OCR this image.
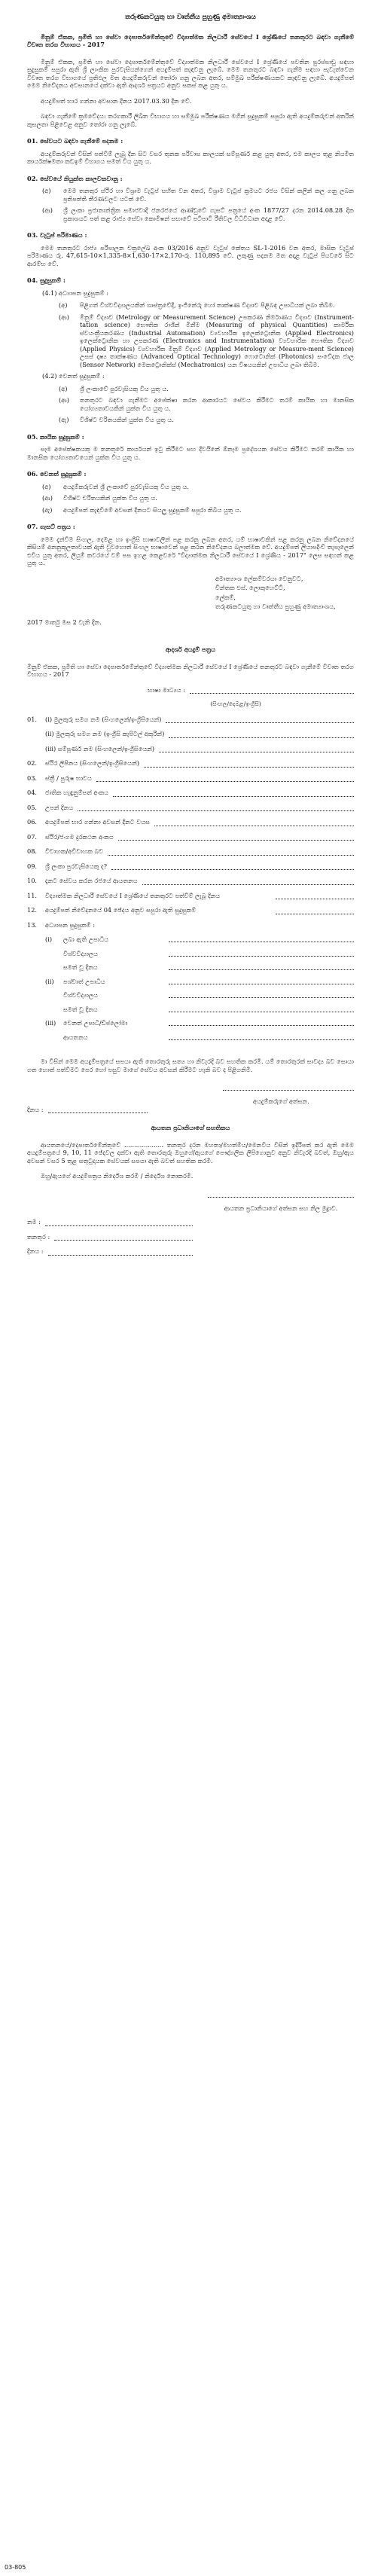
තරුණකටයුතු හා වෘත්තීය පුහුණු අමාත්‍යාංශය
මිනුම් ඒකක, ප්‍රමිති හා සේවා දෙපාර්තමේන්තුවේ විද්‍යාත්මක නිලධාරී සේවයේ I ශ්‍රේණියේ තනතුරට බඳවා ගැනීමේ විවෘත තරග විභාගය - 2017
මිනුම් ඒකක, ප්‍රමිති හා සේවා දෙපාර්තමේන්තුවේ විද්‍යාත්මක නිලධාරී සේවයේ I ශ්‍රේණියේ පවතින පුරප්පාඩු සඳහා සුදුසුකම් සපුරා ඇති ශ්‍රී ලාංකික පුරවැසියන්ගෙන් අයදුම්පත් කැඳවනු ලැබේ. මෙම තනතුරට බඳවා ගැනීම සඳහා පැවැත්වෙන විවෘත තරග විභාගයේ ප්‍රතිඵල මත අයදුම්කරුවන් තෝරා ගනු ලබන අතර, සම්මුඛ පරීක්ෂණයකට කැඳවනු ලැබේ. අයදුම්පත් මෙම නිවේදනය අවසානයේ දක්වා ඇති ආදර්ශ පත්‍රයට අනුව සකස් කළ යුතු ය.
අයදුම්පත් භාර ගන්නා අවසාන දිනය 2017.03.30 දින වේ.
බඳවා ගැනීමේ ක්‍රමවේදය: තරගකාරී ලිඛිත විභාගය හා සම්මුඛ පරීක්ෂණය මගින් සුදුසුකම් සපුරා ඇති අයදුම්කරුවන් අතරින් කුසලතා පිළිවෙළ අනුව තෝරා ගනු ලැබේ.
01. සේවයට බඳවා ගැනීමේ පදනම :
අයදුම්කරුවන් විසින් පත්වීම් ලැබූ දින සිට වසර තුනක පරිවාස කාලයක් සම්පූර්ණ කළ යුතු අතර, එම කාලය තුළ නියමිත කාර්යක්ෂමතා කඩඉම් විභාගය සමත් විය යුතු ය.
02. සේවයේ නියුක්ත කාලවකවානු :
(අ)	මෙම තනතුර ස්ථිර හා විශ්‍රාම වැටුප් සහිත වන අතර, විශ්‍රාම වැටුප් ක්‍රමයට රජය විසින් කලින් කල ගනු ලබන ප්‍රතිපත්ති තීරණවලට යටත් වේ.
(ආ)	ශ්‍රී ලංකා ප්‍රජාතාන්ත්‍රික සමාජවාදී ජනරජයේ ආණ්ඩුවේ ගැසට් පත්‍රයේ අංක 1877/27 දරන 2014.08.28 දින ප්‍රකාශයට පත් කළ රාජ්‍ය සේවා කොමිෂන් සභාවේ පටිපාටි රීතිවල විධිවිධාන අදාළ වේ.
03. වැටුප් පරිමාණය :
මෙම තනතුරට රාජ්‍ය පරිපාලන චක්‍රලේඛ අංක 03/2016 අනුව වැටුප් කේතය SL-1-2016 වන අතර, මාසික වැටුප් පරිමාණය රු. 47,615-10×1,335-8×1,630-17×2,170-රු. 110,895 වේ. ලකුණු පදනම මත අදාළ වැටුප් පියවරේ සිට ආරම්භ වේ.
04. සුදුසුකම් :
(4.1) අධ්‍යාපන සුදුසුකම් :
(අ)	පිළිගත් විශ්වවිද්‍යාලයකින් ශාස්ත්‍රවේදී, ඉංජිනේරු හෝ තාක්ෂණ විද්‍යාව පිළිබඳ උපාධියක් ලබා තිබීම.
(ආ)	මිනුම් විද්‍යාව (Metrology or Measurement Science) උපකරණ නිර්මාණය විද්‍යාව (Instrument-tation science) භෞතික රාශීන් මිනීම (Measuring of physical Quantities) කාර්මික ස්වයංක්‍රීයකරණය (Industrial Automation) ව්‍යවහාරික ඉලෙක්ට්‍රොනික (Applied Electronics) ඉලෙක්ට්‍රොනික හා උපකරණ (Electronics and Instrumentation) ව්‍යවහාරික භෞතික විද්‍යාව (Applied Physics) ව්‍යවහාරික මිනුම් විද්‍යාව (Applied Metrology or Measure-ment Science) උසස් දෘෂ්‍ය තාක්ෂණය (Advanced Optical Technology) ෆොටොනික් (Photonics) සංවේදක ජාල (Sensor Network) මෙකට්‍රොනික්ස් (Mechatronics) යන විෂයයකින් උපාධිය ලබා තිබීම.
(4.2) වෙනත් සුදුසුකම් :
(අ)	ශ්‍රී ලංකාවේ පුරවැසියකු විය යුතු ය.
(ආ)	තනතුරට බඳවා ගැනීමට අපේක්ෂා කරන ආකාරයට සේවය කිරීමට තරම් කායික හා මානසික යෝග්‍යතාවයකින් යුක්ත විය යුතු ය.
(ඇ)	විශිෂ්ට චරිතයකින් යුක්ත විය යුතු ය.
05. කායික සුදුසුකම් :
සෑම අපේක්ෂකයකු ම තනතුරේ කාර්යයන් ඉටු කිරීමට සහ දිවයිනේ ඕනෑම ප්‍රදේශයක සේවය කිරීමට තරම් කායික හා මානසික යෝග්‍යතාවයෙන් යුක්ත විය යුතු ය.
06. වෙනත් සුදුසුකම් :
(අ)	අයදුම්කරුවන් ශ්‍රී ලංකාවේ පුරවැසියකු විය යුතු ය.
(ආ)	විශිෂ්ට චරිතයකින් යුක්ත විය යුතු ය.
(ඇ)	අයදුම්පත් කැඳවීමේ අවසන් දිනයට සියලු සුදුසුකම් සපුරා තිබිය යුතු ය.
07. ගැසට් පත්‍රය :
මෙම දැන්වීම සිංහල, දෙමළ හා ඉංග්‍රීසි භාෂාවලින් පළ කරනු ලබන අතර, යම් භාෂාවකින් පළ කරනු ලබන නිවේදනයේ කිසියම් අනනුකූලතාවයක් ඇති වුවහොත් සිංහල භාෂාවෙන් පළ කරන නිවේදනය බලාත්මක වේ. අයදුම්පත් ලියාපදිංචි තැපෑලෙන් එවිය යුතු අතර, ලියුම් කවරයේ වම් පස ඉහළ කෙළවරේ "විද්‍යාත්මක නිලධාරී සේවයේ I ශ්‍රේණිය - 2017" ලෙස සඳහන් කළ යුතු ය.
අමාත්‍යාංශ ලේකම්වරයා වෙනුවට,
චින්තක එස්. ලොකුහෙට්ටි,
ලේකම්,
තරුණකටයුතු හා වෘත්තීය පුහුණු අමාත්‍යාංශය,
2017 මාර්තු මස 2 වැනි දින.
ආදර්ශ අයදුම් පත්‍රය
මිනුම් ඒකක, ප්‍රමිති හා සේවා දෙපාර්තමේන්තුවේ විද්‍යාත්මක නිලධාරී සේවයේ I ශ්‍රේණියේ තනතුරට බඳවා ගැනීමේ විවෘත තරග විභාගය - 2017
භාෂා මාධ්‍යය :
(සිංහල/දෙමළ/ඉංග්‍රීසි)
01.	(i) මුලකුරු සමග නම (සිංහලෙන්/ඉංග්‍රීසියෙන්)
(ii) මුලකුරු සමග නම (ඉංග්‍රීසි කැපිටල් අකුරින්)
(iii) සම්පූර්ණ නම (සිංහලෙන්/ඉංග්‍රීසියෙන්)
02.	ස්ථිර ලිපිනය (සිංහලෙන්/ඉංග්‍රීසියෙන්)
03.	ස්ත්‍රී / පුරුෂ භාවය
04.	ජාතික හැඳුනුම්පත් අංකය
05.	උපන් දිනය
06.	අයදුම්පත් භාර ගන්නා අවසන් දිනට වයස
07.	ස්ථිර/ජංගම දුරකථන අංකය
08.	විවාහක/අවිවාහක බව
09.	ශ්‍රී ලංකා පුරවැසියෙකු ද?
10.	දැනට සේවය කරන රජයේ ආයතනය
11.	විද්‍යාත්මක නිලධාරී සේවයේ I ශ්‍රේණියේ තනතුරට පත්වීම් ලැබූ දිනය
12.	අයදුම්පත් නිවේදනයේ 04 ඡේදය අනුව සපුරා ඇති සුදුසුකම්
13.	අධ්‍යාපන සුදුසුකම් :
(i)	ලබා ඇති උපාධිය
විශ්වවිද්‍යාලය
සමත් වූ දිනය
(ii)	පශ්චාත් උපාධිය
විශ්වවිද්‍යාලය
සමත් වූ දිනය
(iii)	වෙනත් උපාධි/ඩිප්ලෝමා
ආයතනය
මා විසින් මෙම අයදුම්පත්‍රයේ සපයා ඇති තොරතුරු සත්‍ය හා නිවැරදි බව සහතික කරමි. යම් තොරතුරක් සාවද්‍ය බව සොයා ගත හොත් පත්වීමට පෙර හෝ පසුව මාගේ සේවය අවසන් කිරීමට හැකි බව ද පිළිගනිමි.
අයදුම්කරුගේ අත්සන.
දිනය :
ආයතන ප්‍රධානියාගේ සහතිකය
ආයතනයේ/දෙපාර්තමේන්තුවේ .................... තනතුර දරන මහතා/මහත්මිය/මෙනවිය විසින් ඉදිරිපත් කර ඇති මෙම අයදුම්පත්‍රයේ 9, 10, 11 ඡේදවල දක්වා ඇති තොරතුරු ඔහුගේ/ඇයගේ පෞද්ගලික ලිපිගොනුව අනුව නිවැරදි බවත්, ඔහු/ඇය අවසන් වසර 5 තුළ සතුටුදායක සේවයක් සපයා ඇති බවත් සහතික කරමි.
ඔහු/ඇයගේ අයදුම්පත්‍රය නිර්දේශ කරමි / නිර්දේශ නොකරමි.
ආයතන ප්‍රධානියාගේ අත්සන සහ නිල මුද්‍රාව.
නම :
තනතුර :
දිනය :
03-805
